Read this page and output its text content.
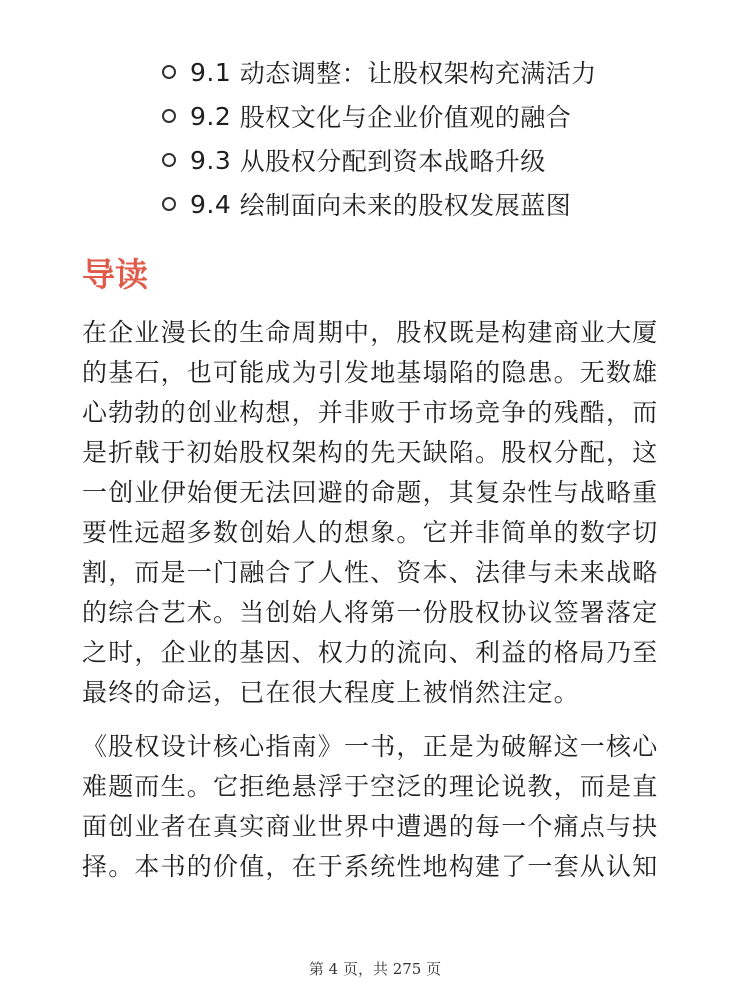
9.1
动态调整：让股权架构充满活力
9.2
股权文化与企业价值观的融合
9.3
从股权分配到资本战略升级
9.4
绘制面向未来的股权发展蓝图
导读

在企业漫长的生命周期中，股权既是构建商业大厦的基石，也可能成为引发地基塌陷的隐患。无数雄心勃勃的创业构想，并非败于市场竞争的残酷，而是折戟于初始股权架构的先天缺陷。股权分配，这一创业伊始便无法回避的命题，其复杂性与战略重要性远超多数创始人的想象。它并非简单的数字切割，而是一门融合了人性、资本、法律与未来战略的综合艺术。当创始人将第一份股权协议签署落定之时，企业的基因、权力的流向、利益的格局乃至最终的命运，已在很大程度上被悄然注定。

《股权设计核心指南》一书，正是为破解这一核心难题而生。它拒绝悬浮于空泛的理论说教，而是直面创业者在真实商业世界中遭遇的每一个痛点与抉择。本书的价值，在于系统性地构建了一套从认知

第 4 页，共 275 页
